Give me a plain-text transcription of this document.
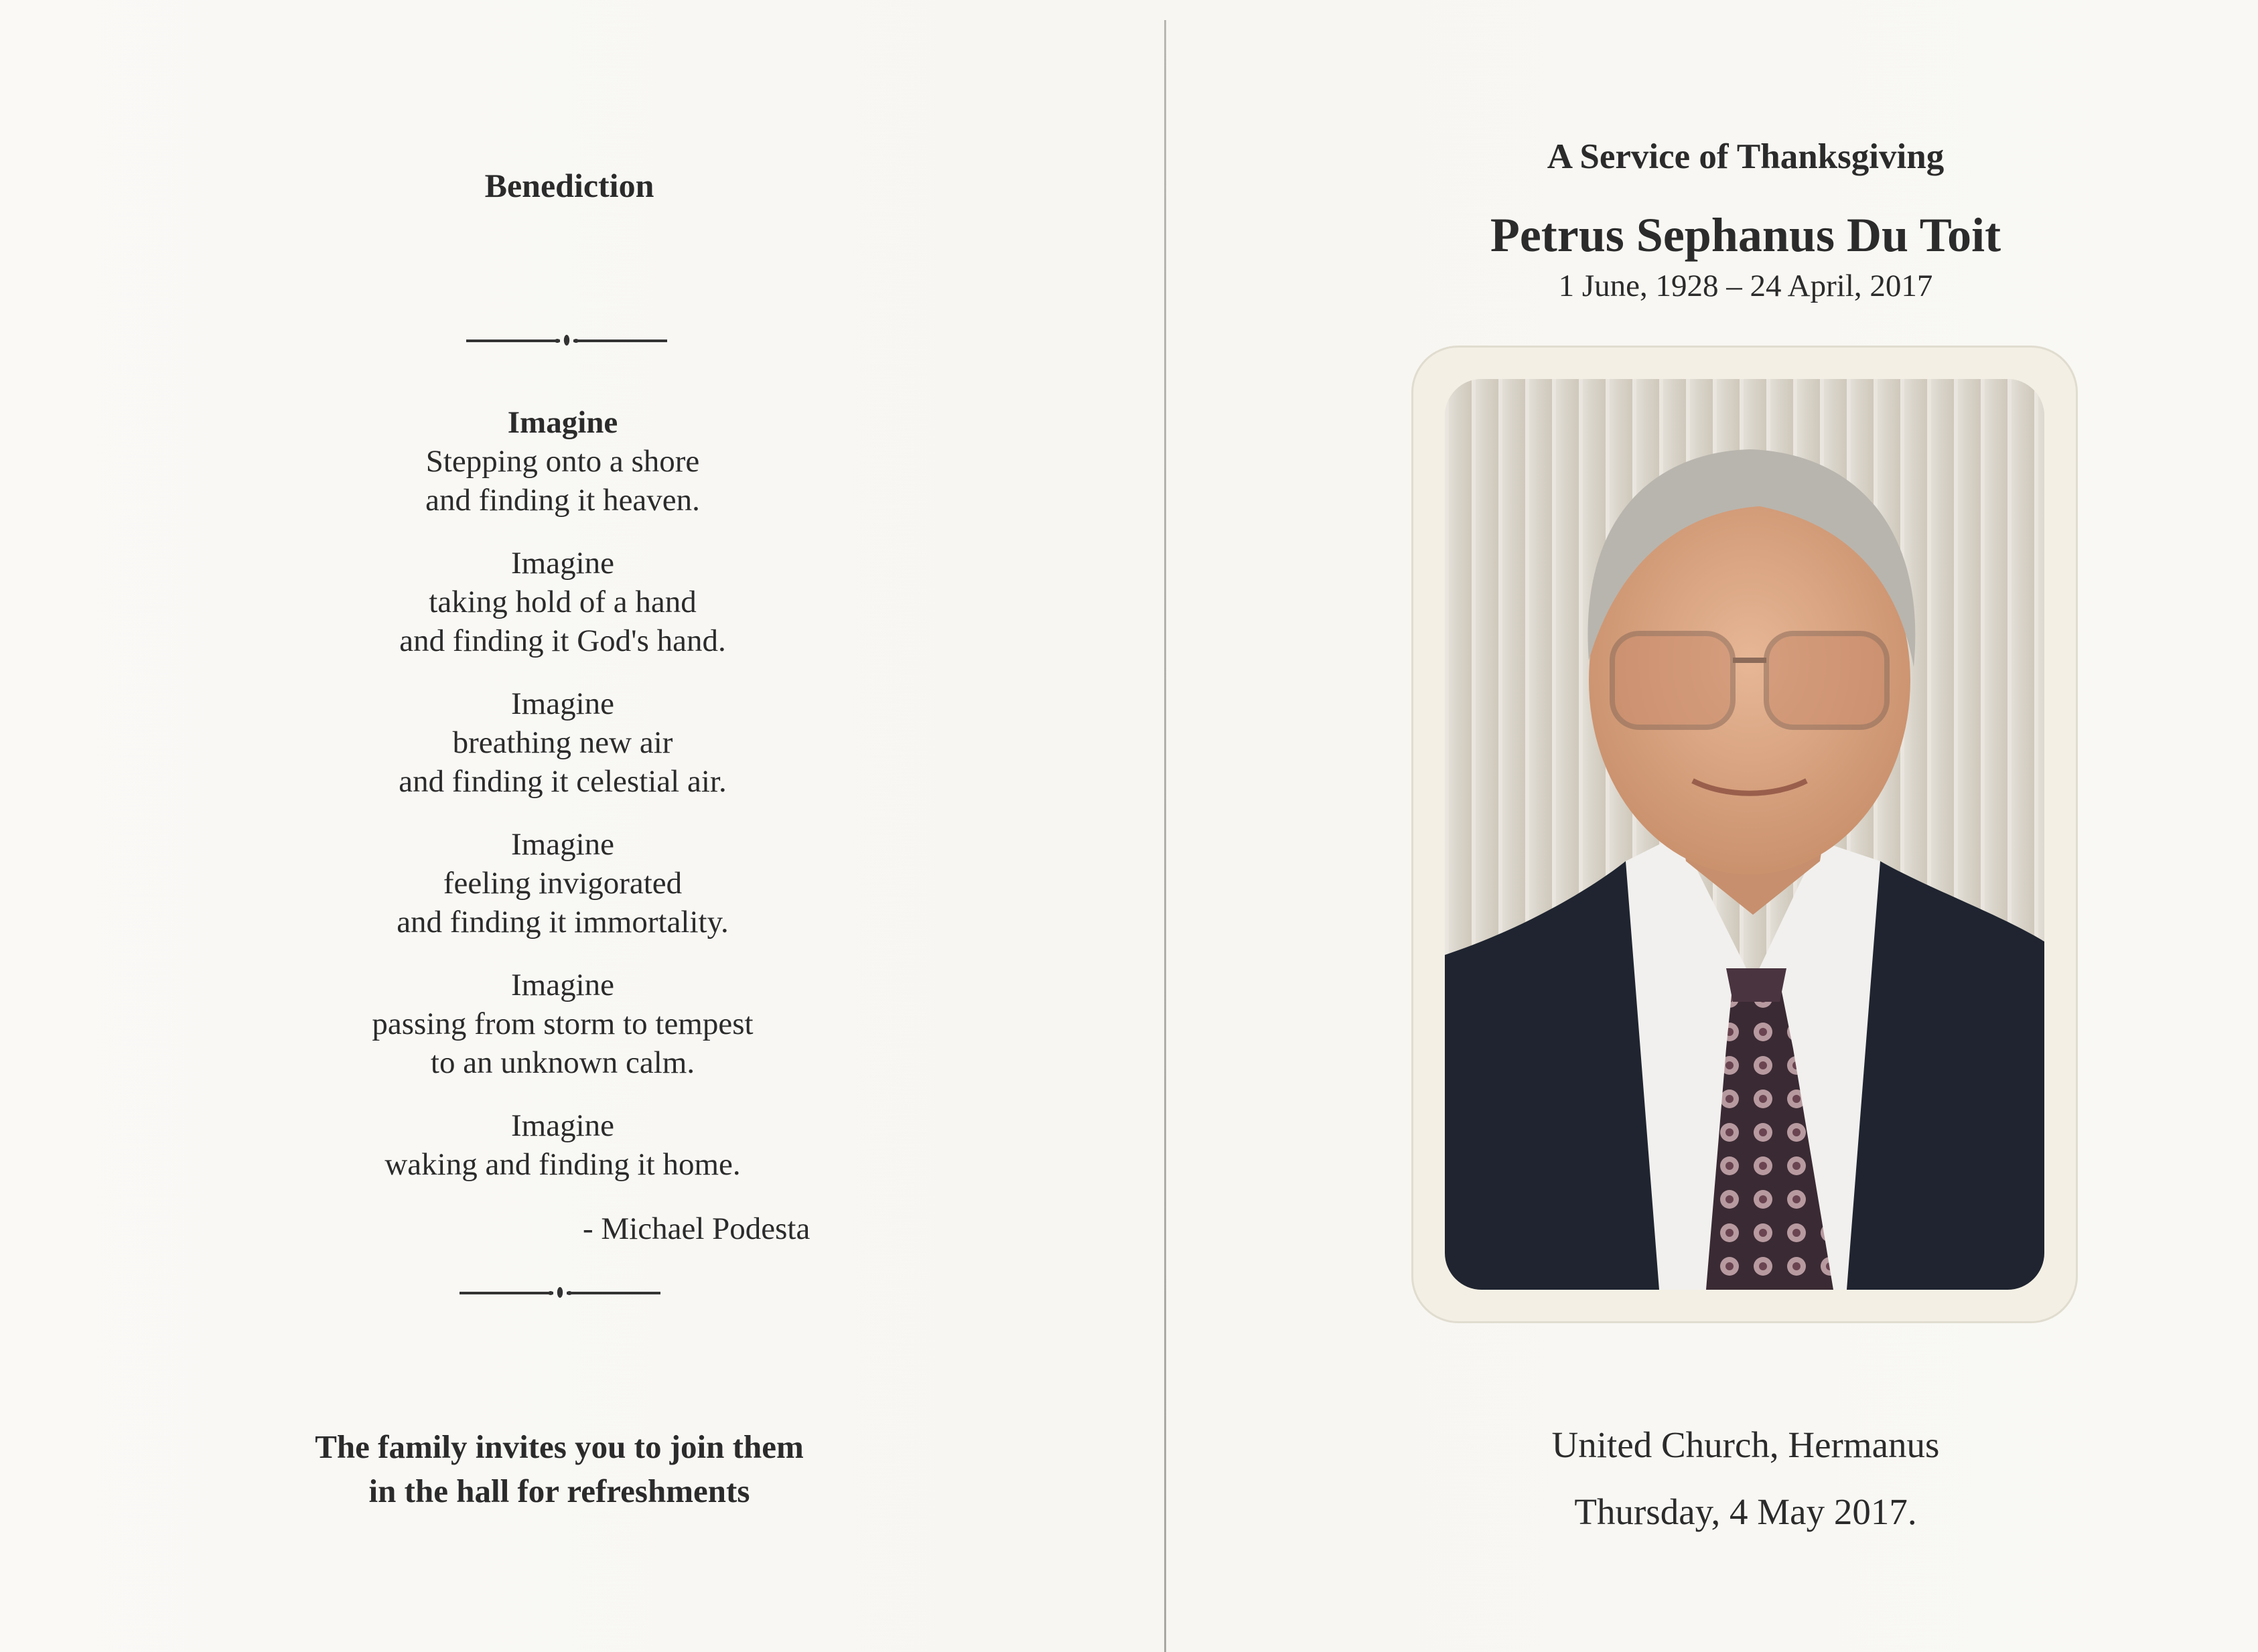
Benediction
Imagine
Stepping onto a shore
and finding it heaven.
Imagine
taking hold of a hand
and finding it God's hand.
Imagine
breathing new air
and finding it celestial air.
Imagine
feeling invigorated
and finding it immortality.
Imagine
passing from storm to tempest
to an unknown calm.
Imagine
waking and finding it home.
- Michael Podesta
The family invites you to join them
in the hall for refreshments
A Service of Thanksgiving
Petrus Sephanus Du Toit
1 June, 1928 – 24 April, 2017
United Church, Hermanus
Thursday, 4 May 2017.
